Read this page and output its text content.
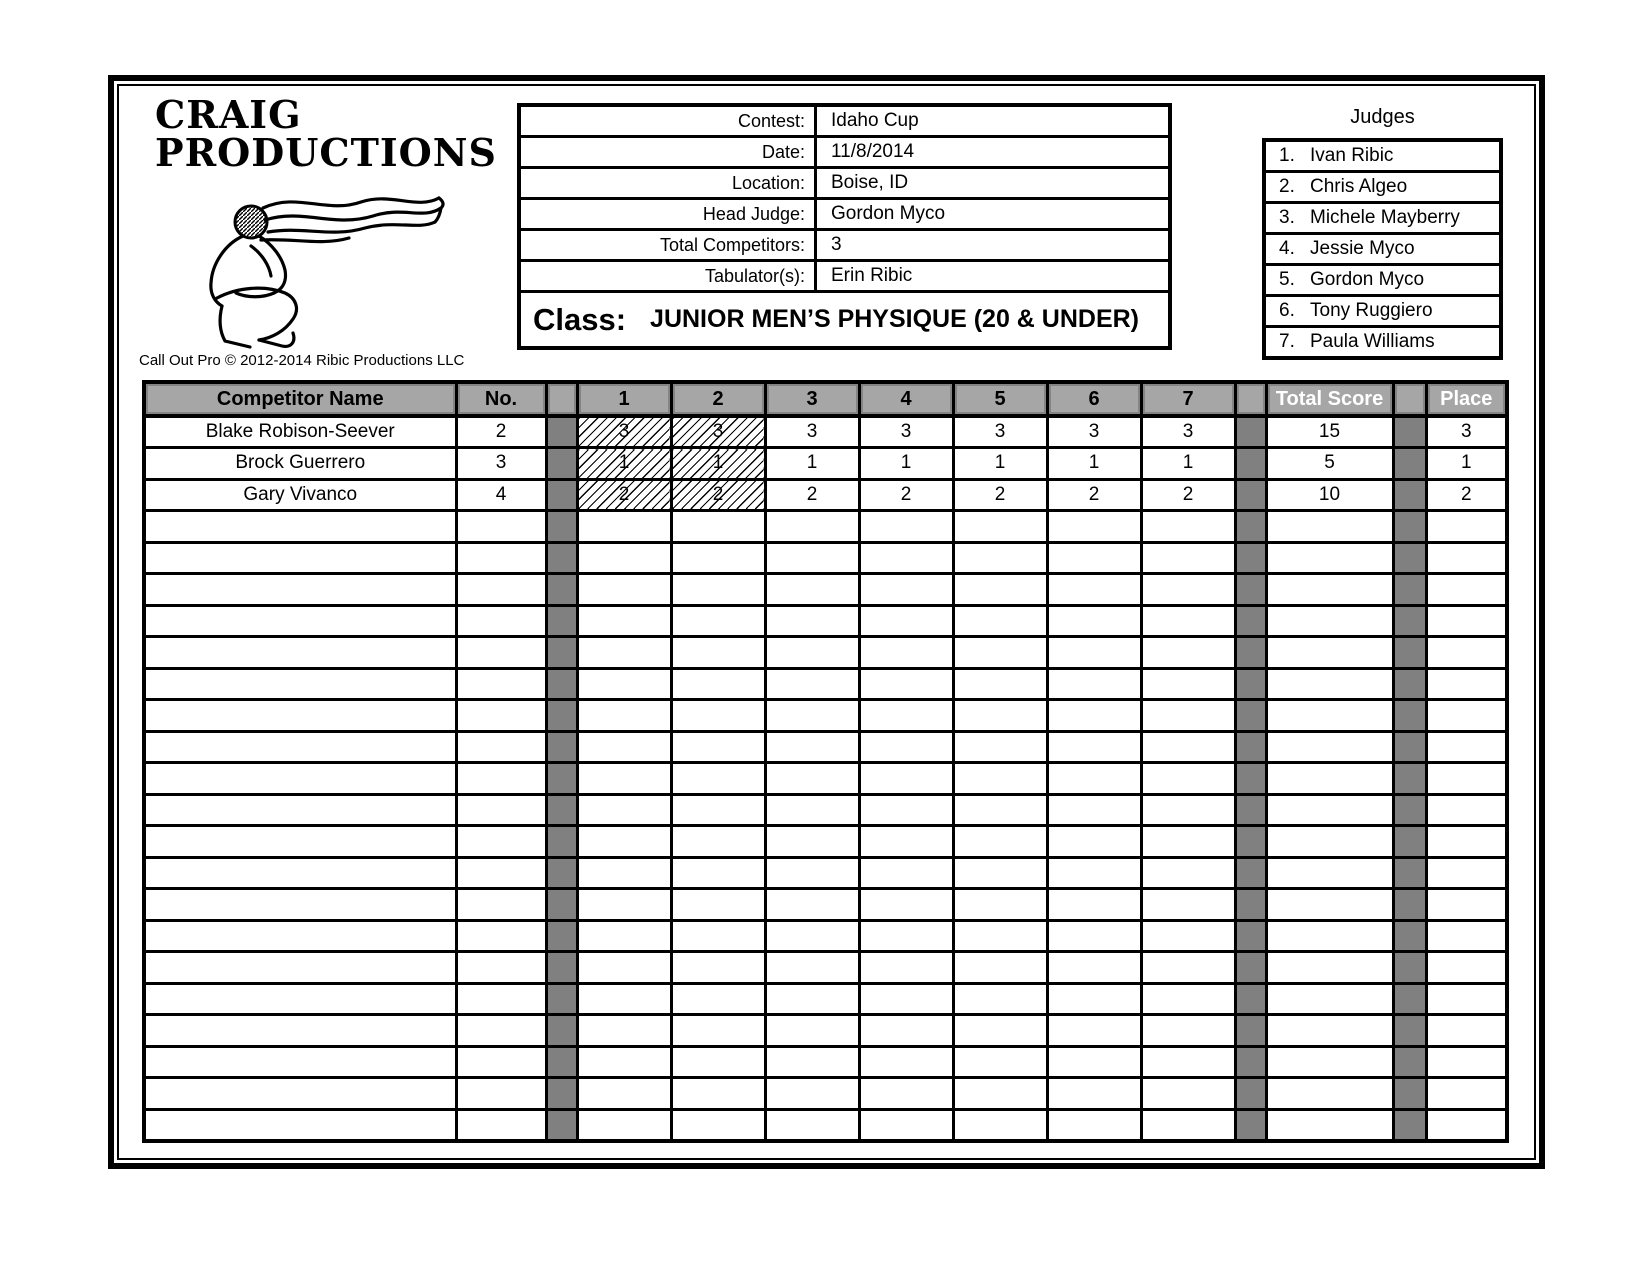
CRAIG
PRODUCTIONS
Call Out Pro © 2012-2014 Ribic Productions LLC
Contest:	Idaho Cup
Date:	11/8/2014
Location:	Boise, ID
Head Judge:	Gordon Myco
Total Competitors:	3
Tabulator(s):	Erin Ribic
Class: JUNIOR MEN’S PHYSIQUE (20 & UNDER)
Judges
1. Ivan Ribic
2. Chris Algeo
3. Michele Mayberry
4. Jessie Myco
5. Gordon Myco
6. Tony Ruggiero
7. Paula Williams
Competitor Name	No.		1	2	3	4	5	6	7		Total Score		Place
Blake Robison-Seever	2		3	3	3	3	3	3	3		15		3
Brock Guerrero	3		1	1	1	1	1	1	1		5		1
Gary Vivanco	4		2	2	2	2	2	2	2		10		2
